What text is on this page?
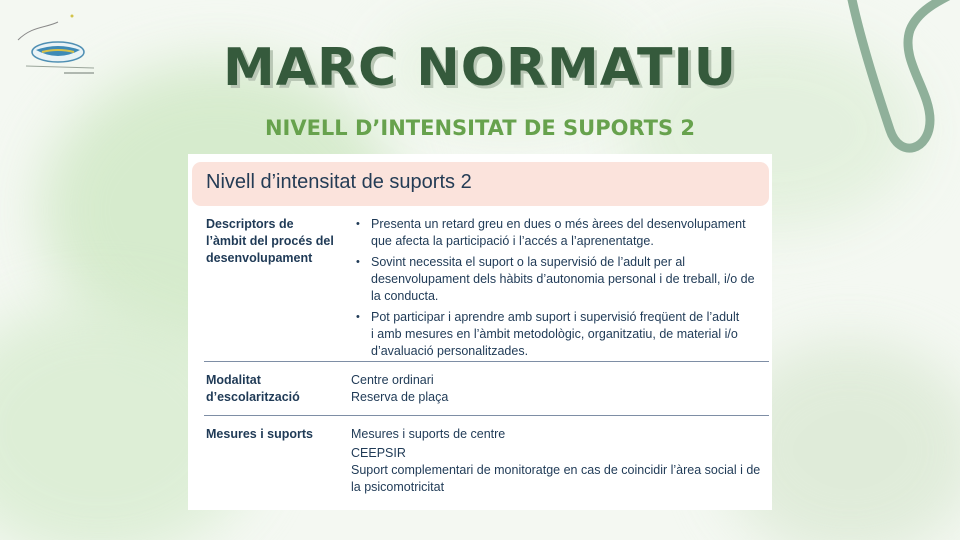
MARC NORMATIU
NIVELL D’INTENSITAT DE SUPORTS 2
Nivell d’intensitat de suports 2
Descriptors de
l’àmbit del procés del
desenvolupament
• Presenta un retard greu en dues o més àrees del desenvolupament
que afecta la participació i l’accés a l’aprenentatge.
• Sovint necessita el suport o la supervisió de l’adult per al
desenvolupament dels hàbits d’autonomia personal i de treball, i/o de
la conducta.
• Pot participar i aprendre amb suport i supervisió freqüent de l’adult
i amb mesures en l’àmbit metodològic, organitzatiu, de material i/o
d’avaluació personalitzades.
Modalitat
d’escolarització
Centre ordinari
Reserva de plaça
Mesures i suports	Mesures i suports de centre
CEEPSIR
Suport complementari de monitoratge en cas de coincidir l’àrea social i de
la psicomotricitat
